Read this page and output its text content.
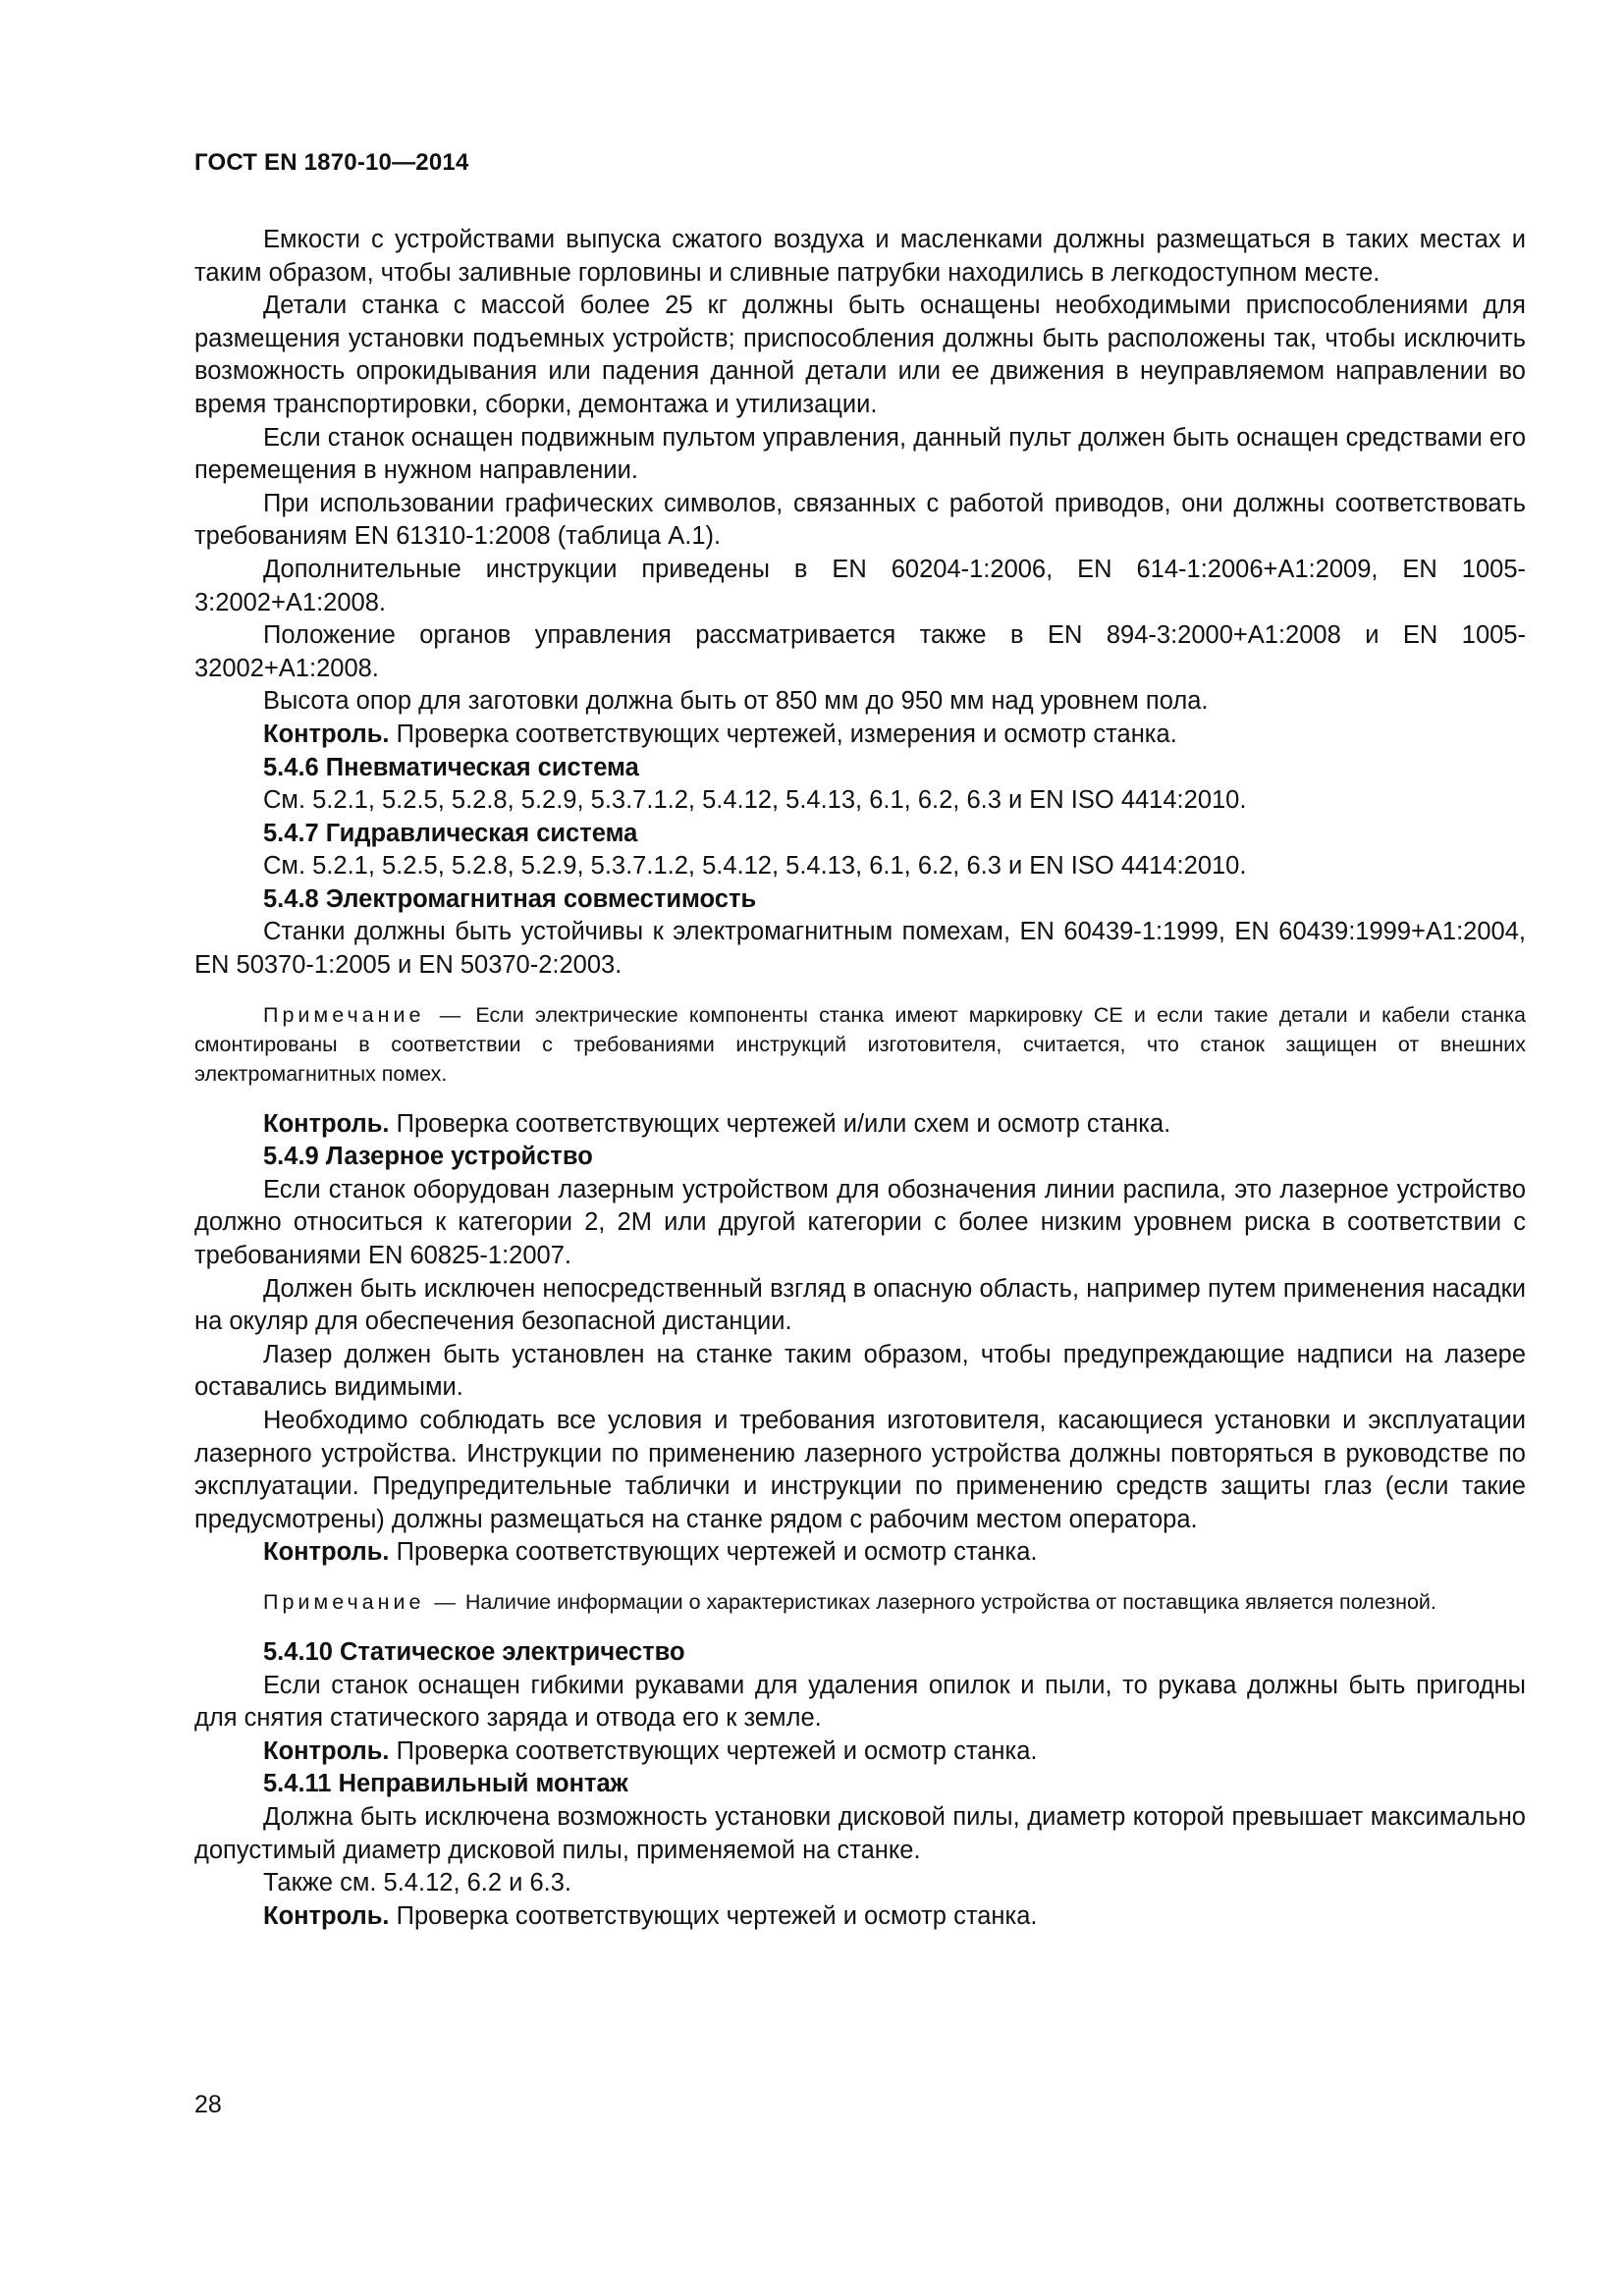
ГОСТ EN 1870-10—2014

Емкости с устройствами выпуска сжатого воздуха и масленками должны размещаться в таких местах и таким образом, чтобы заливные горловины и сливные патрубки находились в легкодоступном месте.

Детали станка с массой более 25 кг должны быть оснащены необходимыми приспособлениями для размещения установки подъемных устройств; приспособления должны быть расположены так, чтобы исключить возможность опрокидывания или падения данной детали или ее движения в неуправляемом направлении во время транспортировки, сборки, демонтажа и утилизации.

Если станок оснащен подвижным пультом управления, данный пульт должен быть оснащен средствами его перемещения в нужном направлении.

При использовании графических символов, связанных с работой приводов, они должны соответствовать требованиям EN 61310-1:2008 (таблица А.1).

Дополнительные инструкции приведены в EN 60204-1:2006, EN 614-1:2006+A1:2009, EN 1005-3:2002+A1:2008.

Положение органов управления рассматривается также в EN 894-3:2000+A1:2008 и EN 1005-32002+A1:2008.

Высота опор для заготовки должна быть от 850 мм до 950 мм над уровнем пола.

Контроль. Проверка соответствующих чертежей, измерения и осмотр станка.

5.4.6 Пневматическая система

См. 5.2.1, 5.2.5, 5.2.8, 5.2.9, 5.3.7.1.2, 5.4.12, 5.4.13, 6.1, 6.2, 6.3 и EN ISO 4414:2010.

5.4.7 Гидравлическая система

См. 5.2.1, 5.2.5, 5.2.8, 5.2.9, 5.3.7.1.2, 5.4.12, 5.4.13, 6.1, 6.2, 6.3 и EN ISO 4414:2010.

5.4.8 Электромагнитная совместимость

Станки должны быть устойчивы к электромагнитным помехам, EN 60439-1:1999, EN 60439:1999+A1:2004, EN 50370-1:2005 и EN 50370-2:2003.

Примечание — Если электрические компоненты станка имеют маркировку СЕ и если такие детали и кабели станка смонтированы в соответствии с требованиями инструкций изготовителя, считается, что станок защищен от внешних электромагнитных помех.

Контроль. Проверка соответствующих чертежей и/или схем и осмотр станка.

5.4.9 Лазерное устройство

Если станок оборудован лазерным устройством для обозначения линии распила, это лазерное устройство должно относиться к категории 2, 2М или другой категории с более низким уровнем риска в соответствии с требованиями EN 60825-1:2007.

Должен быть исключен непосредственный взгляд в опасную область, например путем применения насадки на окуляр для обеспечения безопасной дистанции.

Лазер должен быть установлен на станке таким образом, чтобы предупреждающие надписи на лазере оставались видимыми.

Необходимо соблюдать все условия и требования изготовителя, касающиеся установки и эксплуатации лазерного устройства. Инструкции по применению лазерного устройства должны повторяться в руководстве по эксплуатации. Предупредительные таблички и инструкции по применению средств защиты глаз (если такие предусмотрены) должны размещаться на станке рядом с рабочим местом оператора.

Контроль. Проверка соответствующих чертежей и осмотр станка.

Примечание — Наличие информации о характеристиках лазерного устройства от поставщика является полезной.

5.4.10 Статическое электричество

Если станок оснащен гибкими рукавами для удаления опилок и пыли, то рукава должны быть пригодны для снятия статического заряда и отвода его к земле.

Контроль. Проверка соответствующих чертежей и осмотр станка.

5.4.11 Неправильный монтаж

Должна быть исключена возможность установки дисковой пилы, диаметр которой превышает максимально допустимый диаметр дисковой пилы, применяемой на станке.

Также см. 5.4.12, 6.2 и 6.3.

Контроль. Проверка соответствующих чертежей и осмотр станка.

28
